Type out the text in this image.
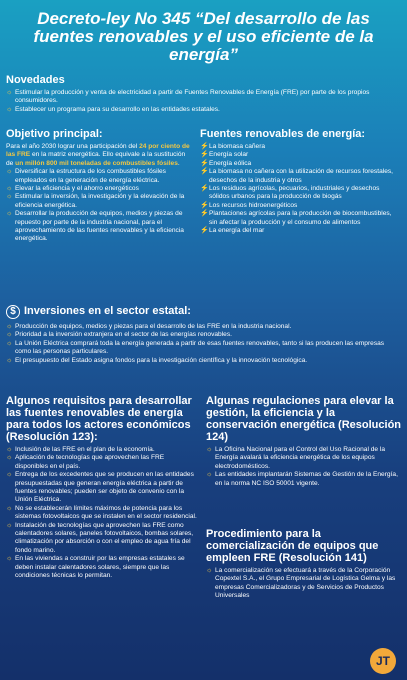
Decreto-ley No 345 “Del desarrollo de las fuentes renovables y el uso eficiente de la energía”
Novedades
☼ Estimular la producción y venta de electricidad a partir de Fuentes Renovables de Energía (FRE) por parte de los propios consumidores.
☼ Establecer un programa para su desarrollo en las entidades estatales.
Objetivo principal:

Para el año 2030 lograr una participación del 24 por ciento de las FRE en la matriz energética. Ello equivale a la sustitución de un millón 800 mil toneladas de combustibles fósiles.

☼ Diversificar la estructura de los combustibles fósiles empleados en la generación de energía eléctrica.
☼ Elevar la eficiencia y el ahorro energéticos
☼ Estimular la inversión, la investigación y la elevación de la eficiencia energética.
☼ Desarrollar la producción de equipos, medios y piezas de repuesto por parte de la industria nacional, para el aprovechamiento de las fuentes renovables y la eficiencia energética.
Fuentes renovables de energía:
⚡ La biomasa cañera
⚡ Energía solar
⚡ Energía eólica
⚡ La biomasa no cañera con la utilización de recursos forestales, desechos de la industria y otros
⚡ Los residuos agrícolas, pecuarios, industriales y desechos sólidos urbanos para la producción de biogás
⚡ Los recursos hidroenergéticos
⚡ Plantaciones agrícolas para la producción de biocombustibles, sin afectar la producción y el consumo de alimentos
⚡ La energía del mar
$ Inversiones en el sector estatal:
☼ Producción de equipos, medios y piezas para el desarrollo de las FRE en la industria nacional.
☼ Prioridad a la inversión extranjera en el sector de las energías renovables.
☼ La Unión Eléctrica comprará toda la energía generada a partir de esas fuentes renovables, tanto si las producen las empresas como las personas particulares.
☼ El presupuesto del Estado asigna fondos para la investigación científica y la innovación tecnológica.
Algunos requisitos para desarrollar las fuentes renovables de energía para todos los actores económicos (Resolución 123):
☼ Inclusión de las FRE en el plan de la economía.
☼ Aplicación de tecnologías que aprovechen las FRE disponibles en el país.
☼ Entrega de los excedentes que se producen en las entidades presupuestadas que generan energía eléctrica a partir de fuentes renovables; pueden ser objeto de convenio con la Unión Eléctrica.
☼ No se establecerán límites máximos de potencia para los sistemas fotovoltaicos que se instalen en el sector residencial.
☼ Instalación de tecnologías que aprovechen las FRE como calentadores solares, paneles fotovoltaicos, bombas solares, climatización por absorción o con el empleo de agua fría del fondo marino.
☼ En las viviendas a construir por las empresas estatales se deben instalar calentadores solares, siempre que las condiciones técnicas lo permitan.
Algunas regulaciones para elevar la gestión, la eficiencia y la conservación energética (Resolución 124)
☼ La Oficina Nacional para el Control del Uso Racional de la Energía avalará la eficiencia energética de los equipos electrodomésticos.
☼ Las entidades implantarán Sistemas de Gestión de la Energía, en la norma NC ISO 50001 vigente.
Procedimiento para la comercialización de equipos que empleen FRE (Resolución 141)
☼ La comercialización se efectuará a través de la Corporación Copextel S.A., el Grupo Empresarial de Logística Gelma y las empresas Comercializadoras y de Servicios de Productos Universales
JT
